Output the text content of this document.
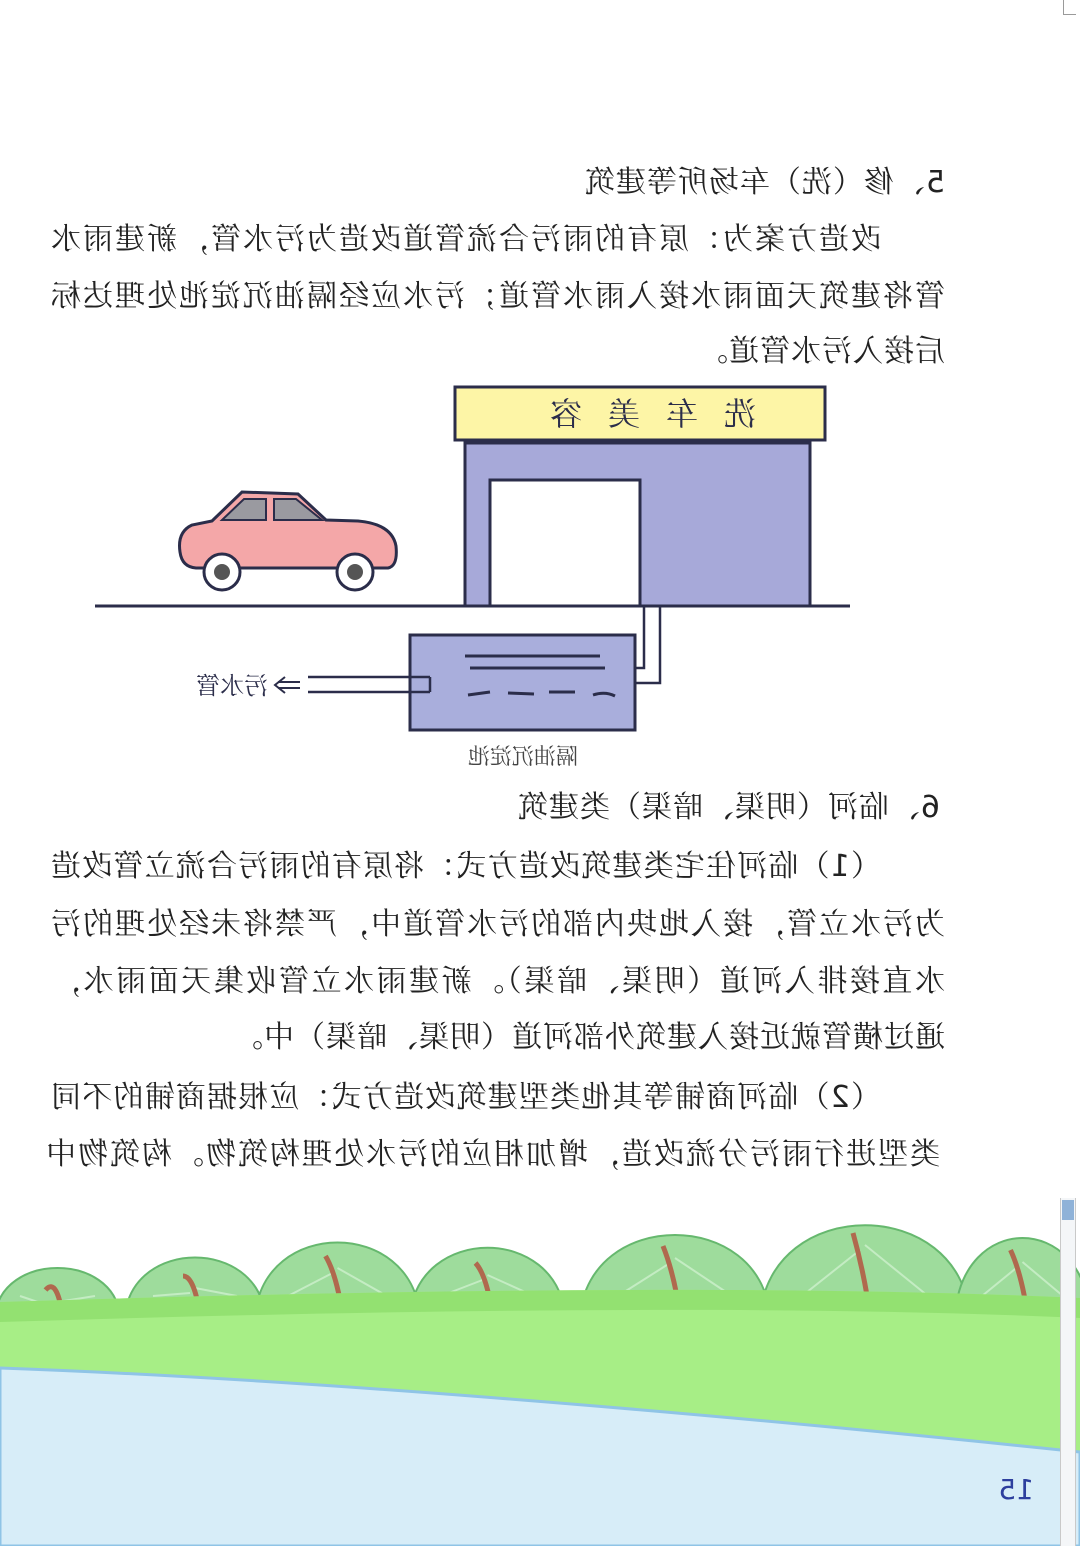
5、修（洗）车场所等建筑
改造方案为：原有的雨污合流管道改造为污水管，新建雨水
管将建筑天面雨水接入雨水管道；污水应经隔油沉淀池处理达标
后接入污水管道。
洗车美容
污水管
隔油沉淀池
6、临河（明渠、暗渠）类建筑
（1）临河住宅类建筑改造方式：将原有的雨污合流立管改造
为污水立管，接入地块内部的污水管道中，严禁将未经处理的污
水直接排入河道（明渠、暗渠）。新建雨水立管收集天面雨水，
通过横管就近接入建筑外部河道（明渠、暗渠）中。
（2）临河商铺等其他类型建筑改造方式：应根据商铺的不同
类型进行雨污分流改造，增加相应的污水处理构筑物。构筑物中
15
